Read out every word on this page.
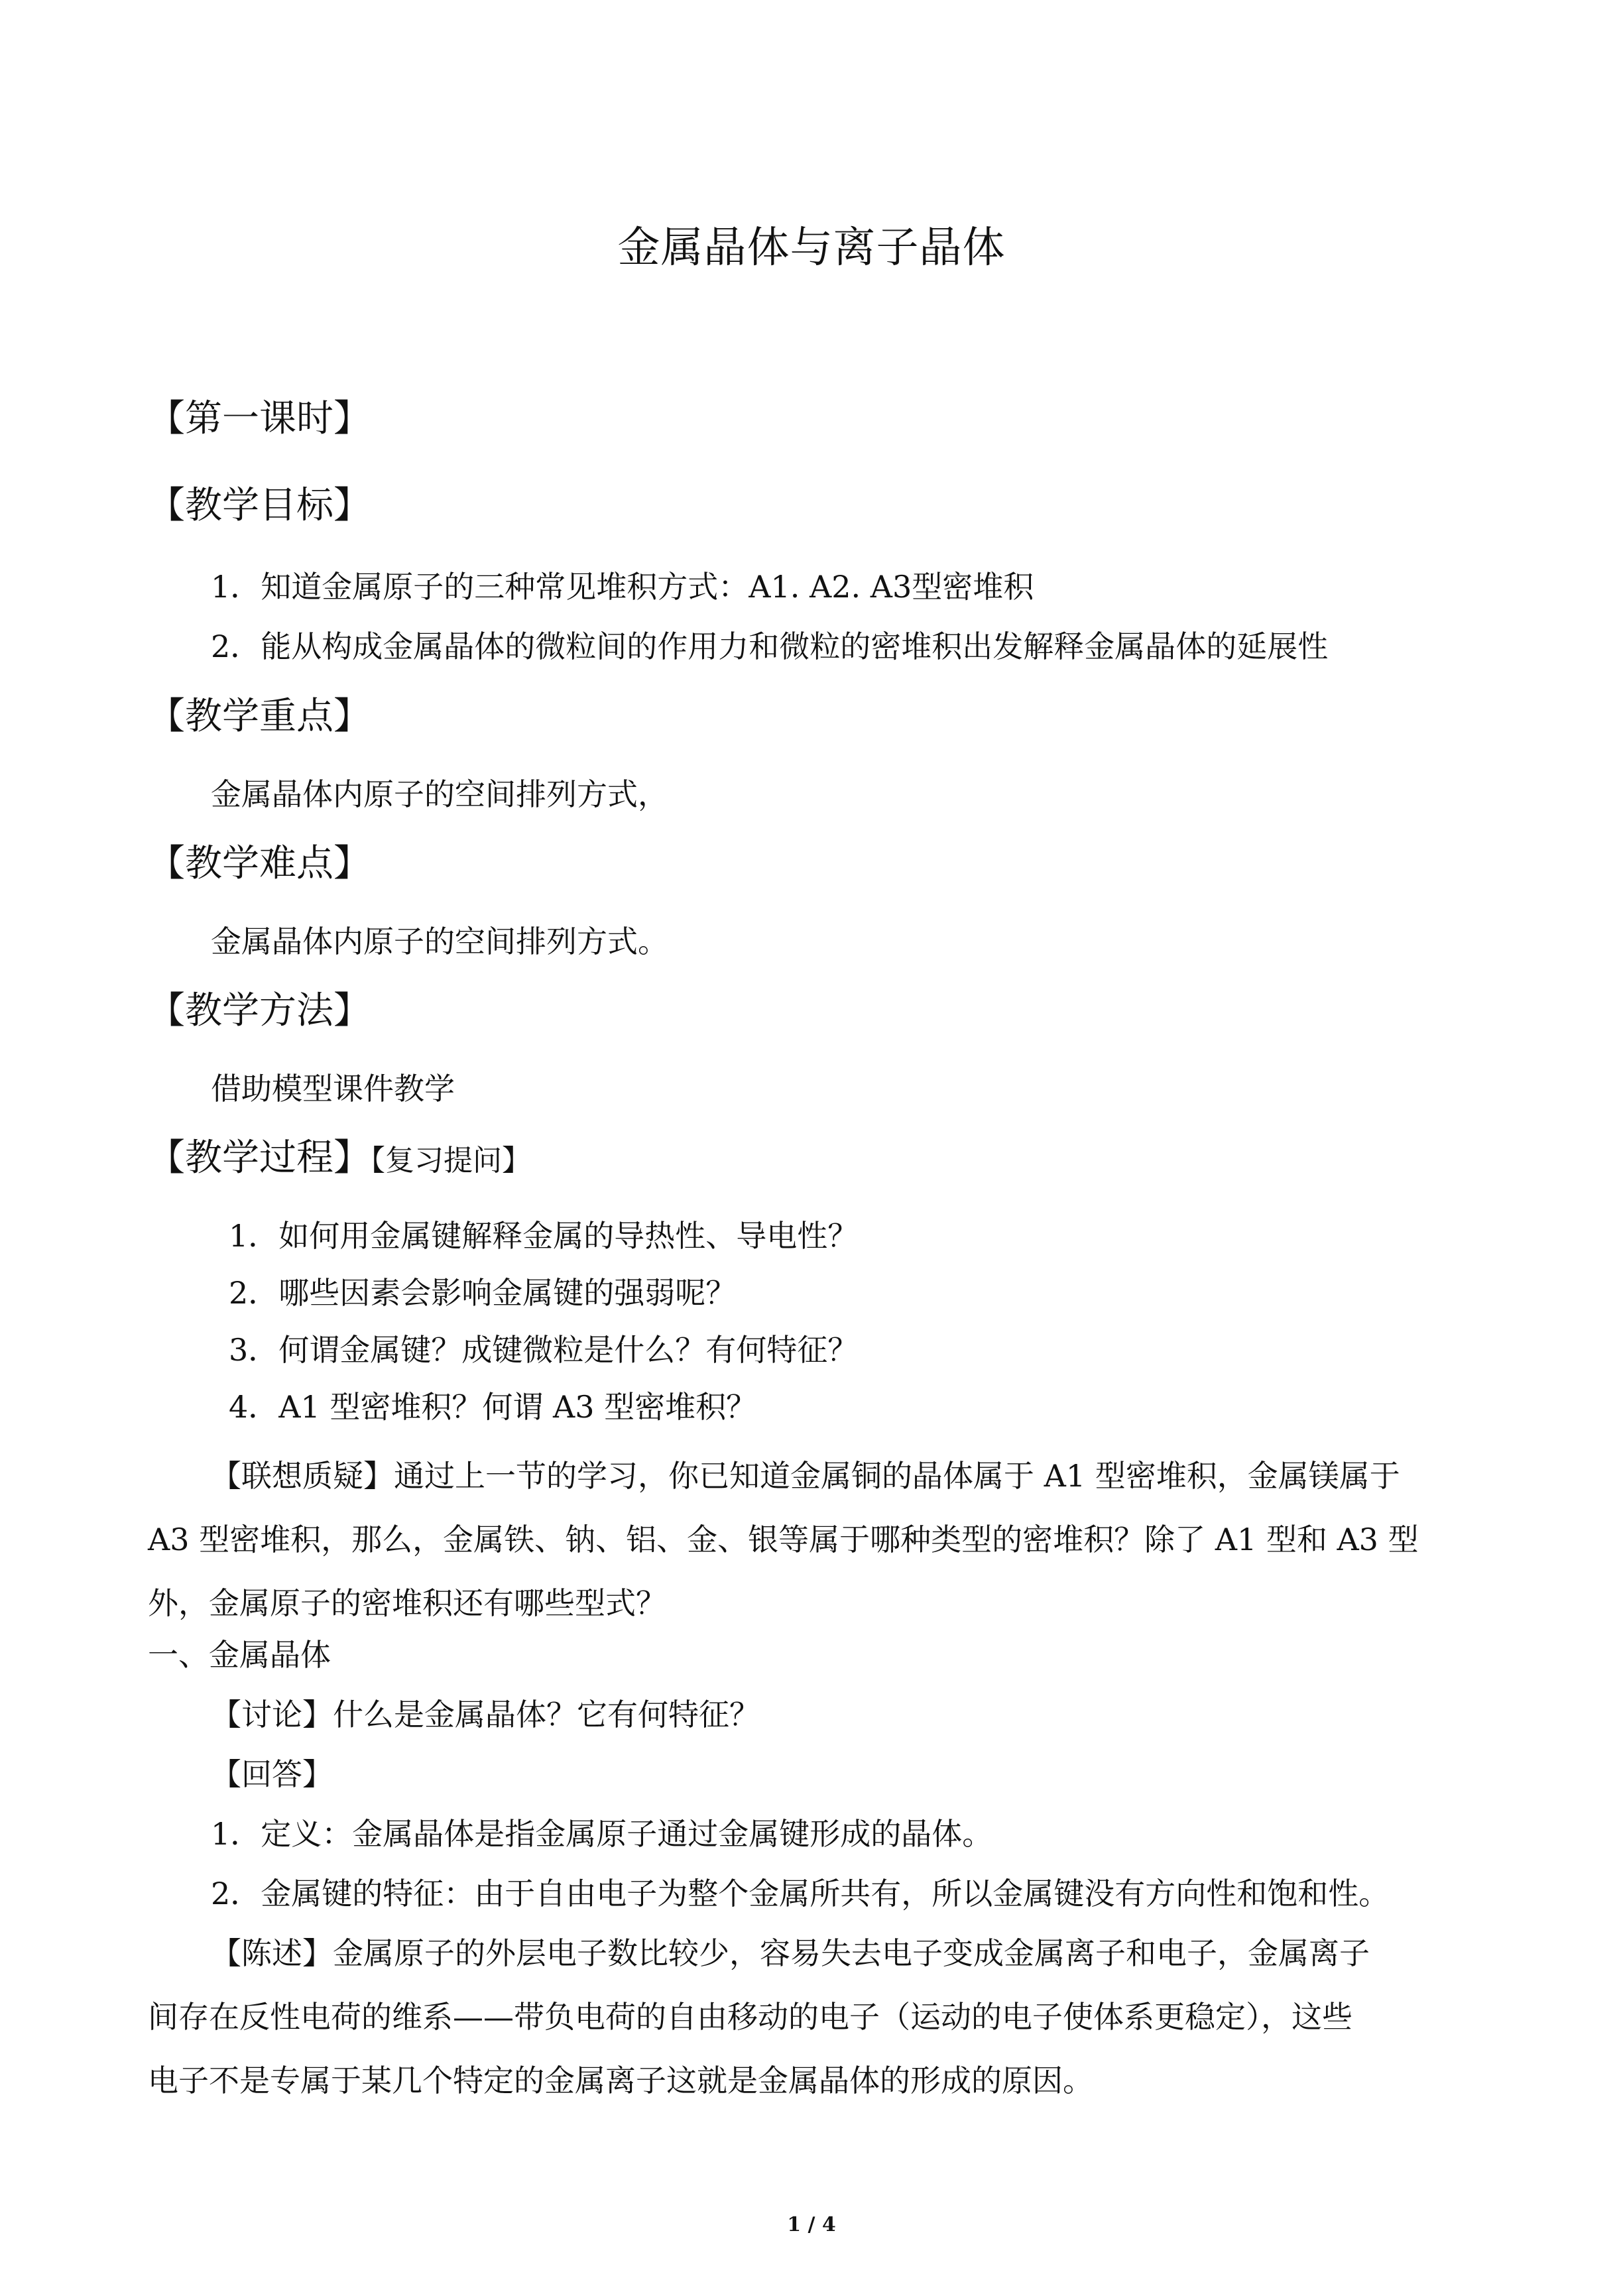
金属晶体与离子晶体
【第一课时】
【教学目标】
1．知道金属原子的三种常见堆积方式：A1. A2. A3型密堆积
2．能从构成金属晶体的微粒间的作用力和微粒的密堆积出发解释金属晶体的延展性
【教学重点】
金属晶体内原子的空间排列方式，
【教学难点】
金属晶体内原子的空间排列方式。
【教学方法】
借助模型课件教学
【教学过程】【复习提问】
1．如何用金属键解释金属的导热性、导电性？
2．哪些因素会影响金属键的强弱呢？
3．何谓金属键？成键微粒是什么？有何特征？
4．A1 型密堆积？何谓 A3 型密堆积？
【联想质疑】通过上一节的学习，你已知道金属铜的晶体属于 A1 型密堆积，金属镁属于
A3 型密堆积，那么，金属铁、钠、铝、金、银等属于哪种类型的密堆积？除了 A1 型和 A3 型
外，金属原子的密堆积还有哪些型式？
一、金属晶体
【讨论】什么是金属晶体？它有何特征？
【回答】
1．定义：金属晶体是指金属原子通过金属键形成的晶体。
2．金属键的特征：由于自由电子为整个金属所共有，所以金属键没有方向性和饱和性。
【陈述】金属原子的外层电子数比较少，容易失去电子变成金属离子和电子，金属离子
间存在反性电荷的维系——带负电荷的自由移动的电子（运动的电子使体系更稳定），这些
电子不是专属于某几个特定的金属离子这就是金属晶体的形成的原因。
1 / 4
